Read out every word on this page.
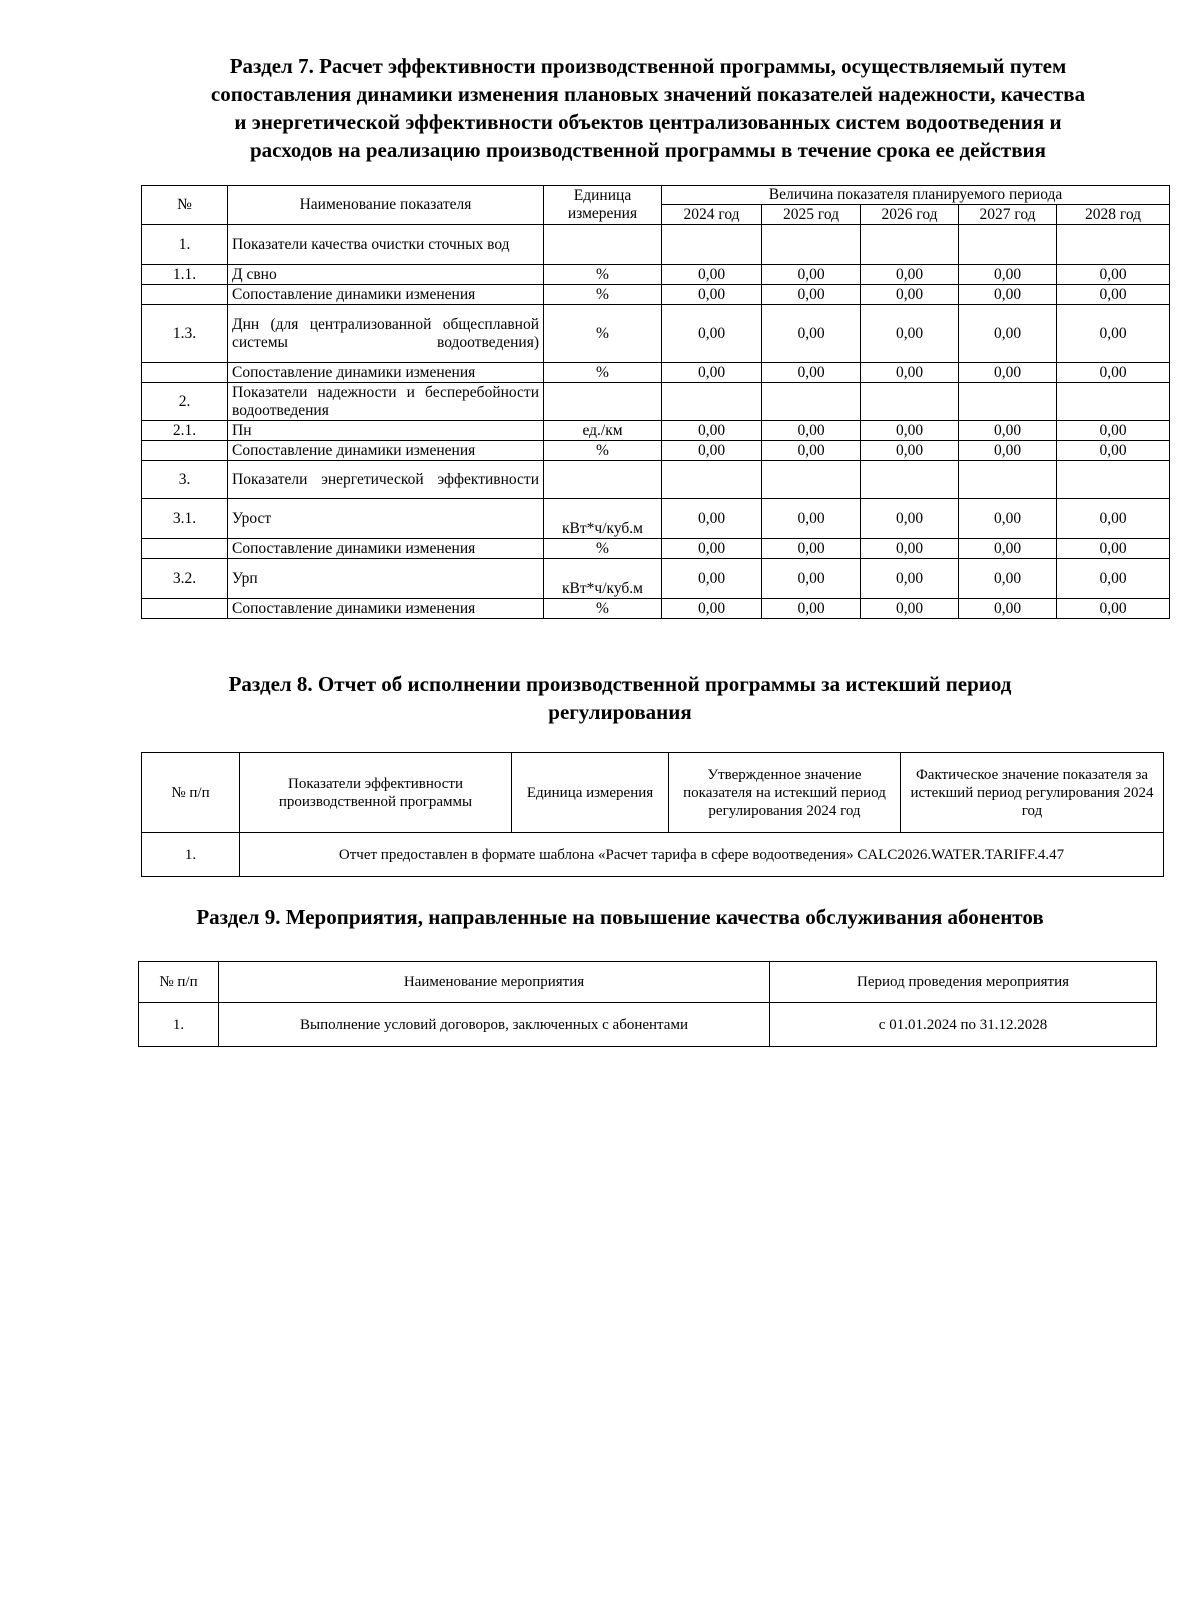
Раздел 7. Расчет эффективности производственной программы, осуществляемый путем
сопоставления динамики изменения плановых значений показателей надежности, качества
и энергетической эффективности объектов централизованных систем водоотведения и
расходов на реализацию производственной программы в течение срока ее действия
№	Наименование показателя	Единица измерения	Величина показателя планируемого периода				
			2024 год	2025 год	2026 год	2027 год	2028 год
1.	Показатели качества очистки сточных вод						
1.1.	Д свно	%	0,00	0,00	0,00	0,00	0,00
	Сопоставление динамики изменения	%	0,00	0,00	0,00	0,00	0,00
1.3.	Днн (для централизованной общесплавной системы водоотведения)	%	0,00	0,00	0,00	0,00	0,00
	Сопоставление динамики изменения	%	0,00	0,00	0,00	0,00	0,00
2.	Показатели надежности и бесперебойности водоотведения						
2.1.	Пн	ед./км	0,00	0,00	0,00	0,00	0,00
	Сопоставление динамики изменения	%	0,00	0,00	0,00	0,00	0,00
3.	Показатели энергетической эффективности						
3.1.	Урост	кВт*ч/куб.м	0,00	0,00	0,00	0,00	0,00
	Сопоставление динамики изменения	%	0,00	0,00	0,00	0,00	0,00
3.2.	Урп	кВт*ч/куб.м	0,00	0,00	0,00	0,00	0,00
	Сопоставление динамики изменения	%	0,00	0,00	0,00	0,00	0,00
Раздел 8. Отчет об исполнении производственной программы за истекший период
регулирования
№ п/п	Показатели эффективности производственной программы	Единица измерения	Утвержденное значение показателя на истекший период регулирования 2024 год	Фактическое значение показателя за истекший период регулирования 2024 год
1.	Отчет предоставлен в формате шаблона «Расчет тарифа в сфере водоотведения» CALC2026.WATER.TARIFF.4.47			
Раздел 9. Мероприятия, направленные на повышение качества обслуживания абонентов
№ п/п	Наименование мероприятия	Период проведения мероприятия
1.	Выполнение условий договоров, заключенных с абонентами	с 01.01.2024 по 31.12.2028
